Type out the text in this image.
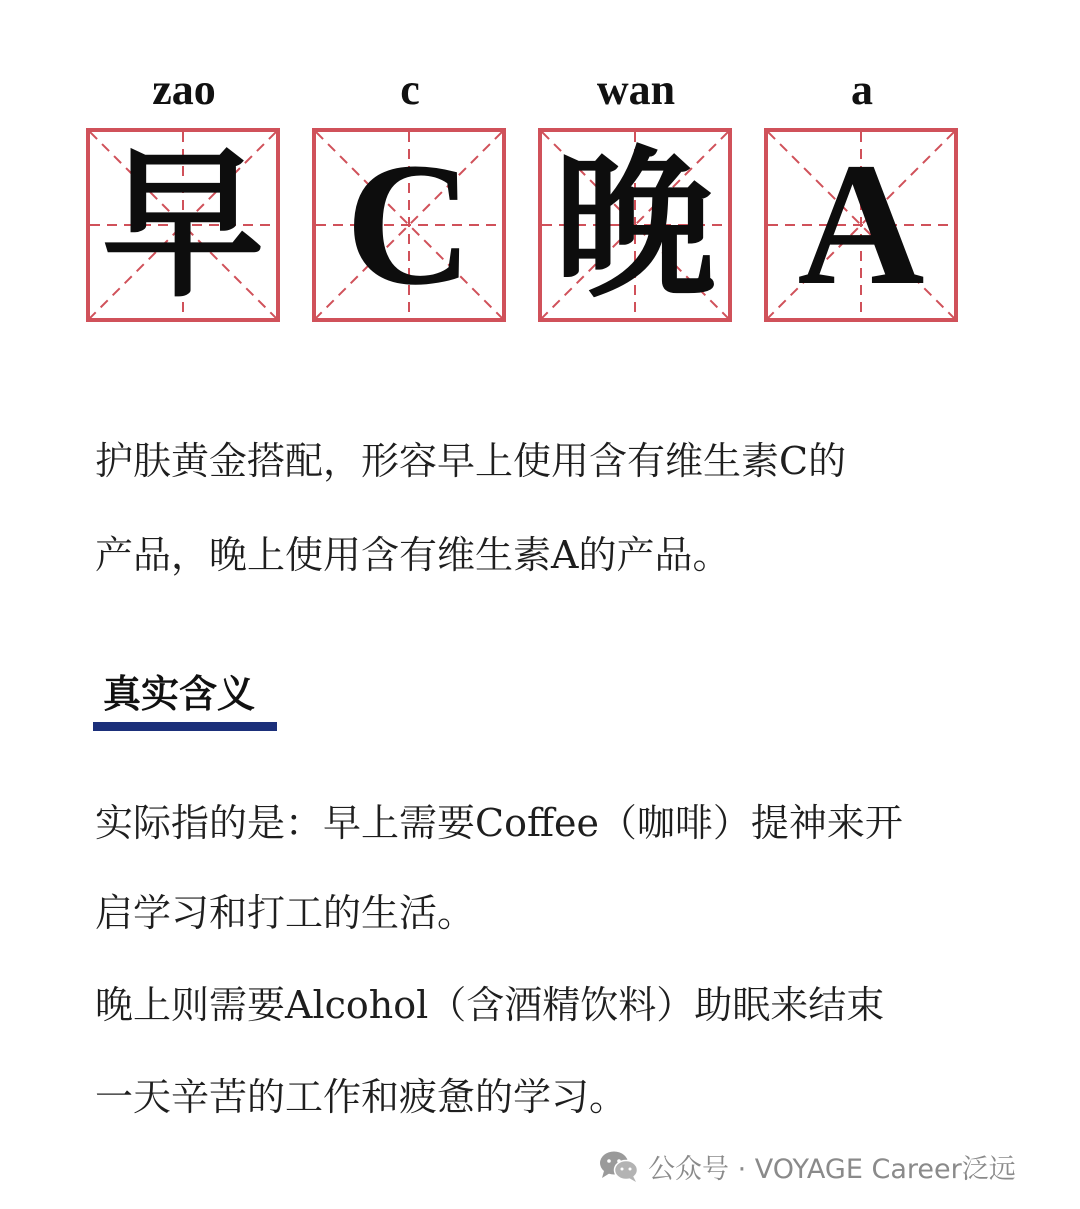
zao	c	wan	a
早 C 晚 A

护肤黄金搭配，形容早上使用含有维生素C的

产品，晚上使用含有维生素A的产品。

真实含义

实际指的是：早上需要Coffee（咖啡）提神来开

启学习和打工的生活。

晚上则需要Alcohol（含酒精饮料）助眠来结束

一天辛苦的工作和疲惫的学习。

公众号 · VOYAGE Career泛远
